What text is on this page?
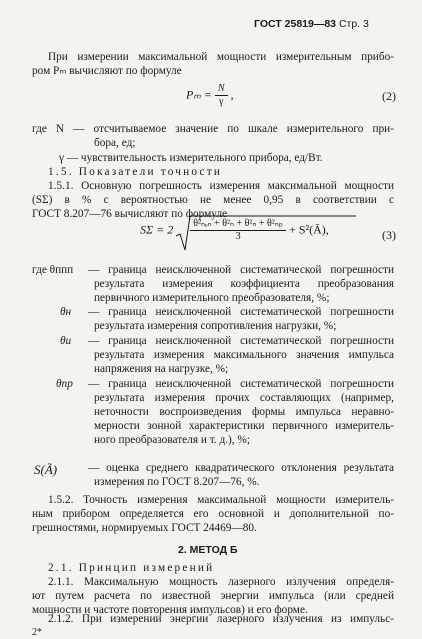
ГОСТ 25819—83 Стр. 3
При измерении максимальной мощности измерительным прибо-
ром Pₘ вычисляют по формуле
$P_m = \frac{N}{\gamma}$ ,	(2)
где N — отсчитываемое значение по шкале измерительного при-
бора, ед;
γ — чувствительность измерительного прибора, ед/Вт.
1.5. Показатели точности
1.5.1. Основную погрешность измерения максимальной мощности
(SΣ) в % с вероятностью не менее 0,95 в соответствии с
ГОСТ 8.207—76 вычисляют по формуле
$S\Sigma = 2 \frac{\text{θ²ₙₑₙ + θ²ₙ + θ²ₙ + θ²ₙₚ}}{3}$ + S²(Ã),	(3)
где θппп — граница неисключенной систематической погрешности
результата измерения коэффициента преобразования
первичного измерительного преобразователя, %;
θн — граница неисключенной систематической погрешности
результата измерения сопротивления нагрузки, %;
θи — граница неисключенной систематической погрешности
результата измерения максимального значения импульса
напряжения на нагрузке, %;
θпр — граница неисключенной систематической погрешности
результата измерения прочих составляющих (например,
неточности воспроизведения формы импульса неравно-
мерности зонной характеристики первичного измеритель-
ного преобразователя и т. д.), %;
S(Ã)	— оценка среднего квадратического отклонения результата
измерения по ГОСТ 8.207—76, %.
1.5.2. Точность измерения максимальной мощности измеритель-
ным прибором определяется его основной и дополнительной по-
грешностями, нормируемых ГОСТ 24469—80.
2. МЕТОД Б
2.1. Принцип измерений
2.1.1. Максимальную мощность лазерного излучения определя-
ют путем расчета по известной энергии импульса (или средней
мощности и частоте повторения импульсов) и его форме.
2.1.2. При измерении энергии лазерного излучения из импульс-
2*
